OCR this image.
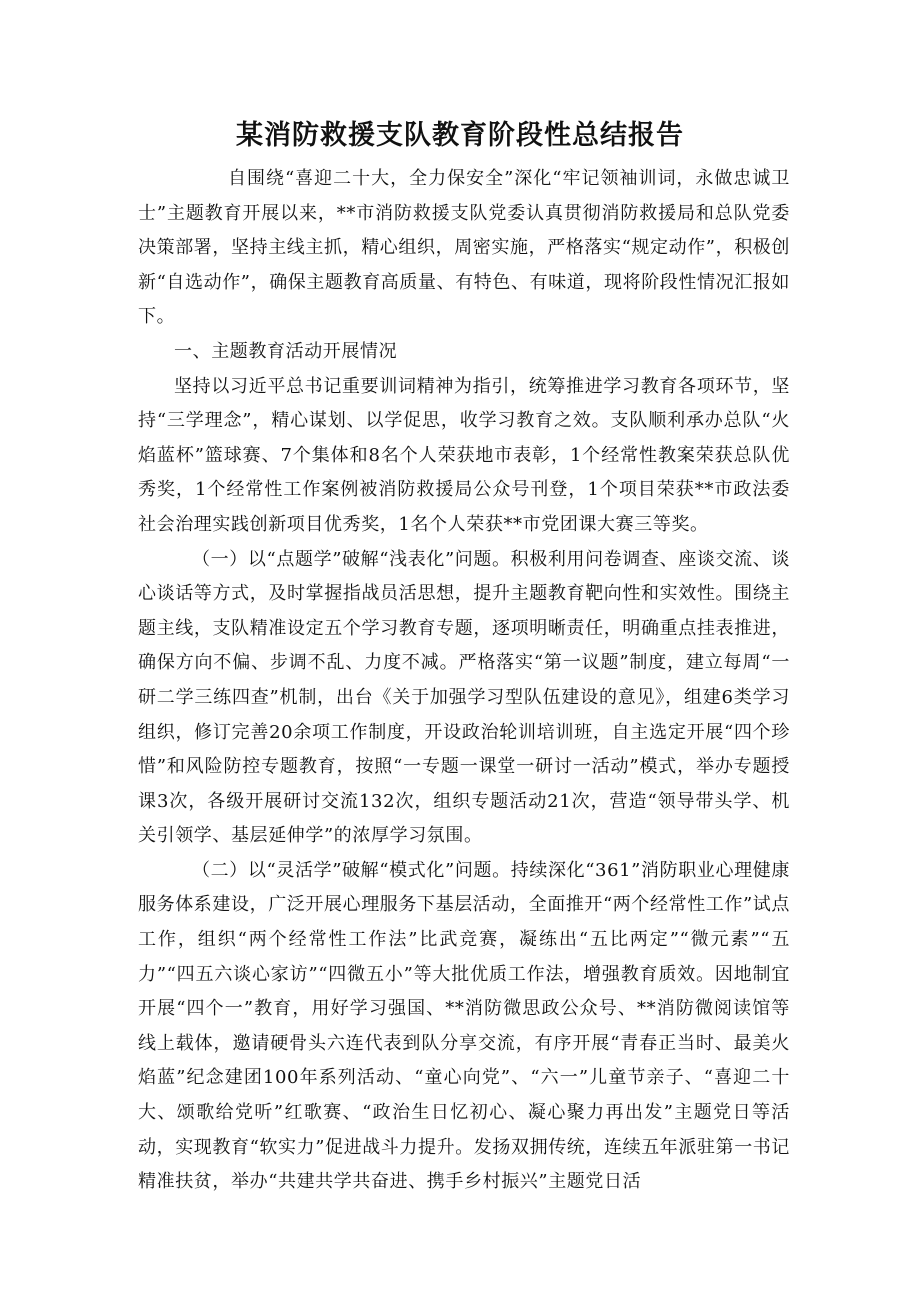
某消防救援支队教育阶段性总结报告

自围绕“喜迎二十大，全力保安全”深化“牢记领袖训词，永做忠诚卫士”主题教育开展以来，**市消防救援支队党委认真贯彻消防救援局和总队党委决策部署，坚持主线主抓，精心组织，周密实施，严格落实“规定动作”，积极创新“自选动作”，确保主题教育高质量、有特色、有味道，现将阶段性情况汇报如下。

一、主题教育活动开展情况

坚持以习近平总书记重要训词精神为指引，统筹推进学习教育各项环节，坚持“三学理念”，精心谋划、以学促思，收学习教育之效。支队顺利承办总队“火焰蓝杯”篮球赛、7个集体和8名个人荣获地市表彰，1个经常性教案荣获总队优秀奖，1个经常性工作案例被消防救援局公众号刊登，1个项目荣获**市政法委社会治理实践创新项目优秀奖，1名个人荣获**市党团课大赛三等奖。

（一）以“点题学”破解“浅表化”问题。积极利用问卷调查、座谈交流、谈心谈话等方式，及时掌握指战员活思想，提升主题教育靶向性和实效性。围绕主题主线，支队精准设定五个学习教育专题，逐项明晰责任，明确重点挂表推进，确保方向不偏、步调不乱、力度不减。严格落实“第一议题”制度，建立每周“一研二学三练四查”机制，出台《关于加强学习型队伍建设的意见》，组建6类学习组织，修订完善20余项工作制度，开设政治轮训培训班，自主选定开展“四个珍惜”和风险防控专题教育，按照“一专题一课堂一研讨一活动”模式，举办专题授课3次，各级开展研讨交流132次，组织专题活动21次，营造“领导带头学、机关引领学、基层延伸学”的浓厚学习氛围。

（二）以“灵活学”破解“模式化”问题。持续深化“361”消防职业心理健康服务体系建设，广泛开展心理服务下基层活动，全面推开“两个经常性工作”试点工作，组织“两个经常性工作法”比武竞赛，凝练出“五比两定”“微元素”“五力”“四五六谈心家访”“四微五小”等大批优质工作法，增强教育质效。因地制宜开展“四个一”教育，用好学习强国、**消防微思政公众号、**消防微阅读馆等线上载体，邀请硬骨头六连代表到队分享交流，有序开展“青春正当时、最美火焰蓝”纪念建团100年系列活动、“童心向党”、“六一”儿童节亲子、“喜迎二十大、颂歌给党听”红歌赛、“政治生日忆初心、凝心聚力再出发”主题党日等活动，实现教育“软实力”促进战斗力提升。发扬双拥传统，连续五年派驻第一书记精准扶贫，举办“共建共学共奋进、携手乡村振兴”主题党日活
